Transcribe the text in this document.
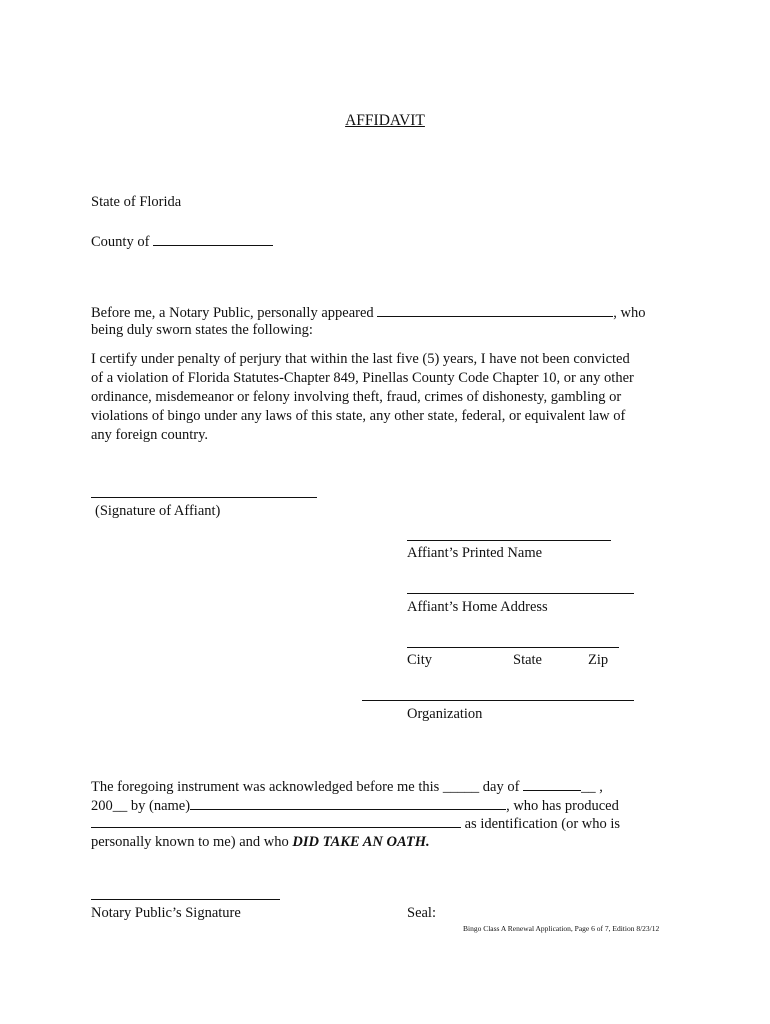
AFFIDAVIT
State of Florida
County of
Before me, a Notary Public, personally appeared	, who
being duly sworn states the following:
I certify under penalty of perjury that within the last five (5) years, I have not been convicted
of a violation of Florida Statutes-Chapter 849, Pinellas County Code Chapter 10, or any other
ordinance, misdemeanor or felony involving theft, fraud, crimes of dishonesty, gambling or
violations of bingo under any laws of this state, any other state, federal, or equivalent law of
any foreign country.
(Signature of Affiant)
Affiant’s Printed Name
Affiant’s Home Address
City	State	Zip
Organization
The foregoing instrument was acknowledged before me this _____ day of	__ ,
200__ by (name)	, who has produced
as identification (or who is
personally known to me) and who DID TAKE AN OATH.
Notary Public’s Signature	Seal:
Bingo Class A Renewal Application, Page 6 of 7, Edition 8/23/12
